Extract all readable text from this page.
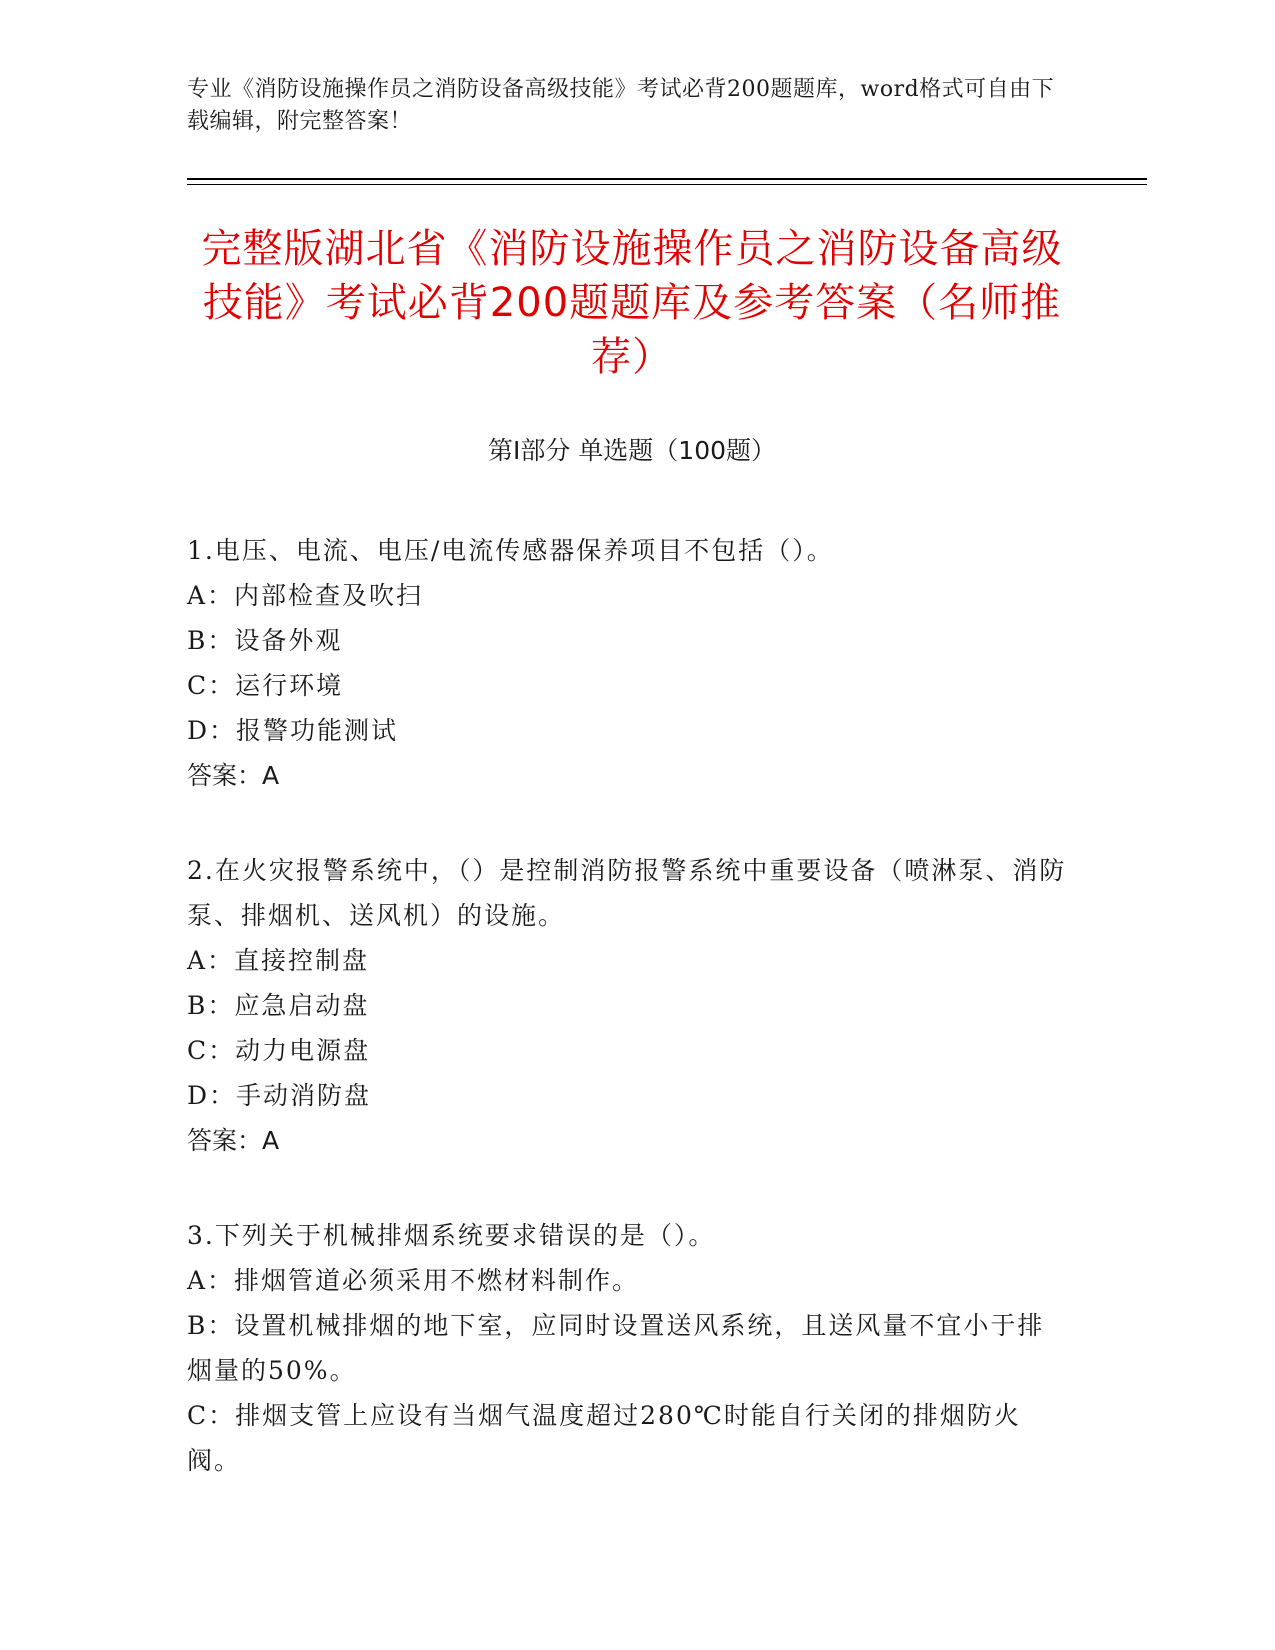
专业《消防设施操作员之消防设备高级技能》考试必背200题题库，word格式可自由下载编辑，附完整答案！
完整版湖北省《消防设施操作员之消防设备高级技能》考试必背200题题库及参考答案（名师推荐）
第I部分 单选题（100题）

1.电压、电流、电压/电流传感器保养项目不包括（）。

A：内部检查及吹扫

B：设备外观

C：运行环境

D：报警功能测试

答案：A

2.在火灾报警系统中，（）是控制消防报警系统中重要设备（喷淋泵、消防泵、排烟机、送风机）的设施。

A：直接控制盘

B：应急启动盘

C：动力电源盘

D：手动消防盘

答案：A

3.下列关于机械排烟系统要求错误的是（）。

A：排烟管道必须采用不燃材料制作。

B：设置机械排烟的地下室，应同时设置送风系统，且送风量不宜小于排烟量的50%。

C：排烟支管上应设有当烟气温度超过280℃时能自行关闭的排烟防火阀。
